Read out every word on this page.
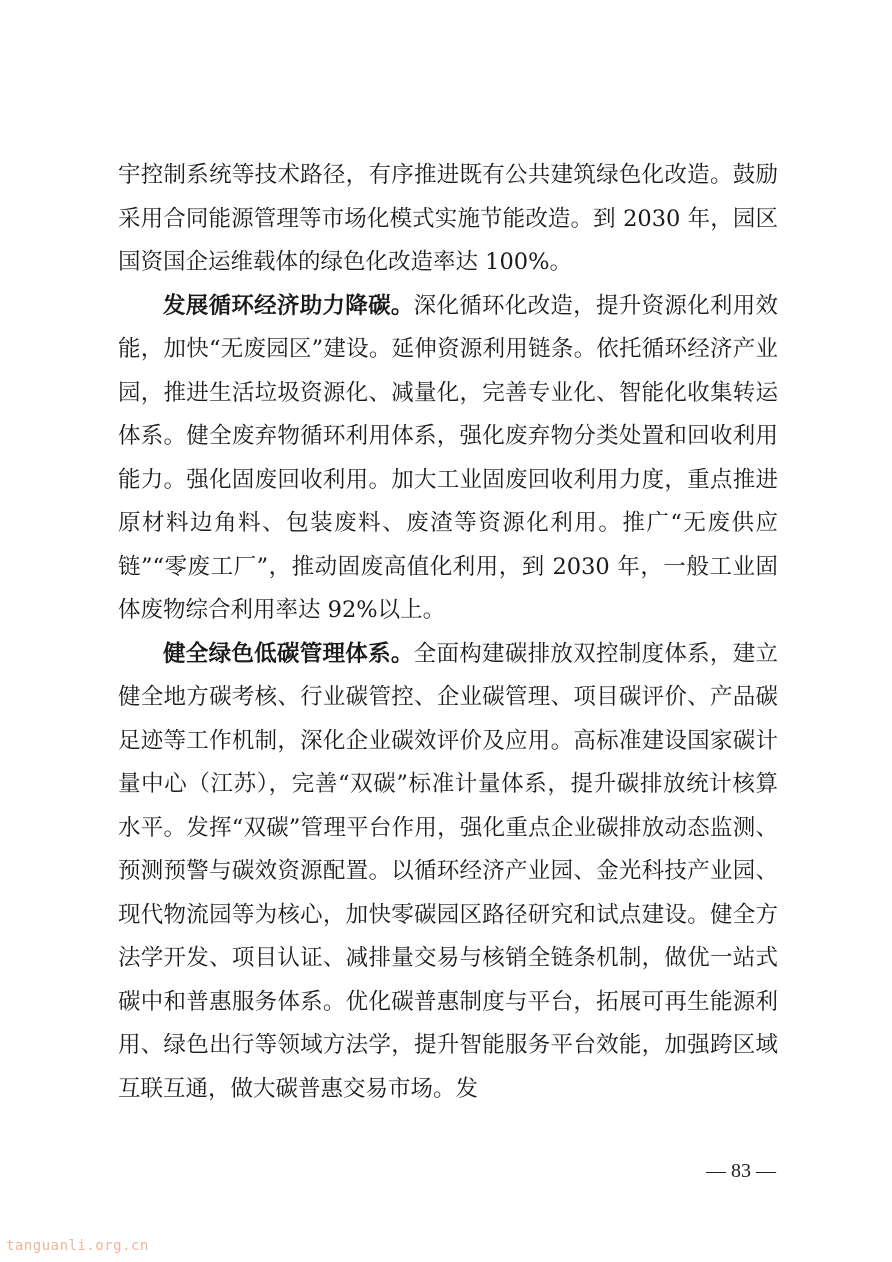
宇控制系统等技术路径，有序推进既有公共建筑绿色化改造。鼓励采用合同能源管理等市场化模式实施节能改造。到 2030 年，园区国资国企运维载体的绿色化改造率达 100%。

发展循环经济助力降碳。深化循环化改造，提升资源化利用效能，加快“无废园区”建设。延伸资源利用链条。依托循环经济产业园，推进生活垃圾资源化、减量化，完善专业化、智能化收集转运体系。健全废弃物循环利用体系，强化废弃物分类处置和回收利用能力。强化固废回收利用。加大工业固废回收利用力度，重点推进原材料边角料、包装废料、废渣等资源化利用。推广“无废供应链”“零废工厂”，推动固废高值化利用，到 2030 年，一般工业固体废物综合利用率达 92%以上。

健全绿色低碳管理体系。全面构建碳排放双控制度体系，建立健全地方碳考核、行业碳管控、企业碳管理、项目碳评价、产品碳足迹等工作机制，深化企业碳效评价及应用。高标准建设国家碳计量中心（江苏），完善“双碳”标准计量体系，提升碳排放统计核算水平。发挥“双碳”管理平台作用，强化重点企业碳排放动态监测、预测预警与碳效资源配置。以循环经济产业园、金光科技产业园、现代物流园等为核心，加快零碳园区路径研究和试点建设。健全方法学开发、项目认证、减排量交易与核销全链条机制，做优一站式碳中和普惠服务体系。优化碳普惠制度与平台，拓展可再生能源利用、绿色出行等领域方法学，提升智能服务平台效能，加强跨区域互联互通，做大碳普惠交易市场。发

— 83 —
tanguanli.org.cn
